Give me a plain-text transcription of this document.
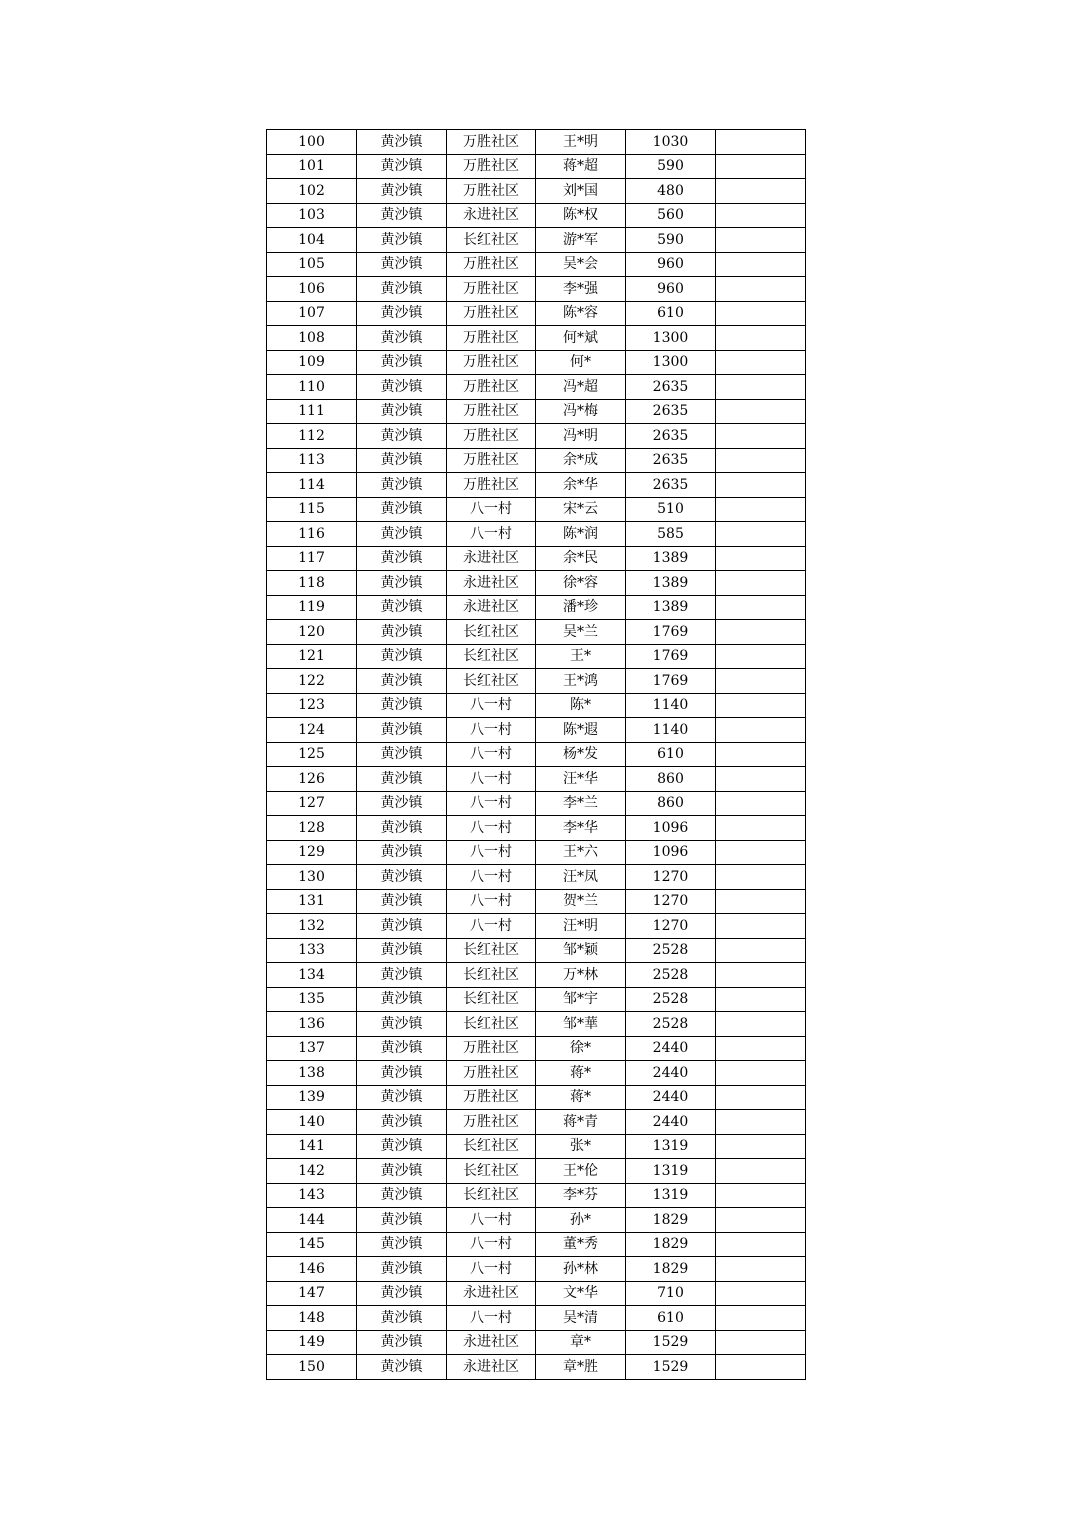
100	黄沙镇	万胜社区	王*明	1030	
101	黄沙镇	万胜社区	蒋*超	590	
102	黄沙镇	万胜社区	刘*国	480	
103	黄沙镇	永进社区	陈*权	560	
104	黄沙镇	长红社区	游*军	590	
105	黄沙镇	万胜社区	吴*会	960	
106	黄沙镇	万胜社区	李*强	960	
107	黄沙镇	万胜社区	陈*容	610	
108	黄沙镇	万胜社区	何*斌	1300	
109	黄沙镇	万胜社区	何*	1300	
110	黄沙镇	万胜社区	冯*超	2635	
111	黄沙镇	万胜社区	冯*梅	2635	
112	黄沙镇	万胜社区	冯*明	2635	
113	黄沙镇	万胜社区	余*成	2635	
114	黄沙镇	万胜社区	余*华	2635	
115	黄沙镇	八一村	宋*云	510	
116	黄沙镇	八一村	陈*润	585	
117	黄沙镇	永进社区	余*民	1389	
118	黄沙镇	永进社区	徐*容	1389	
119	黄沙镇	永进社区	潘*珍	1389	
120	黄沙镇	长红社区	吴*兰	1769	
121	黄沙镇	长红社区	王*	1769	
122	黄沙镇	长红社区	王*鸿	1769	
123	黄沙镇	八一村	陈*	1140	
124	黄沙镇	八一村	陈*遐	1140	
125	黄沙镇	八一村	杨*发	610	
126	黄沙镇	八一村	汪*华	860	
127	黄沙镇	八一村	李*兰	860	
128	黄沙镇	八一村	李*华	1096	
129	黄沙镇	八一村	王*六	1096	
130	黄沙镇	八一村	汪*凤	1270	
131	黄沙镇	八一村	贺*兰	1270	
132	黄沙镇	八一村	汪*明	1270	
133	黄沙镇	长红社区	邹*颖	2528	
134	黄沙镇	长红社区	万*林	2528	
135	黄沙镇	长红社区	邹*宇	2528	
136	黄沙镇	长红社区	邹*華	2528	
137	黄沙镇	万胜社区	徐*	2440	
138	黄沙镇	万胜社区	蒋*	2440	
139	黄沙镇	万胜社区	蒋*	2440	
140	黄沙镇	万胜社区	蒋*青	2440	
141	黄沙镇	长红社区	张*	1319	
142	黄沙镇	长红社区	王*伦	1319	
143	黄沙镇	长红社区	李*芬	1319	
144	黄沙镇	八一村	孙*	1829	
145	黄沙镇	八一村	董*秀	1829	
146	黄沙镇	八一村	孙*林	1829	
147	黄沙镇	永进社区	文*华	710	
148	黄沙镇	八一村	吴*清	610	
149	黄沙镇	永进社区	章*	1529	
150	黄沙镇	永进社区	章*胜	1529	
